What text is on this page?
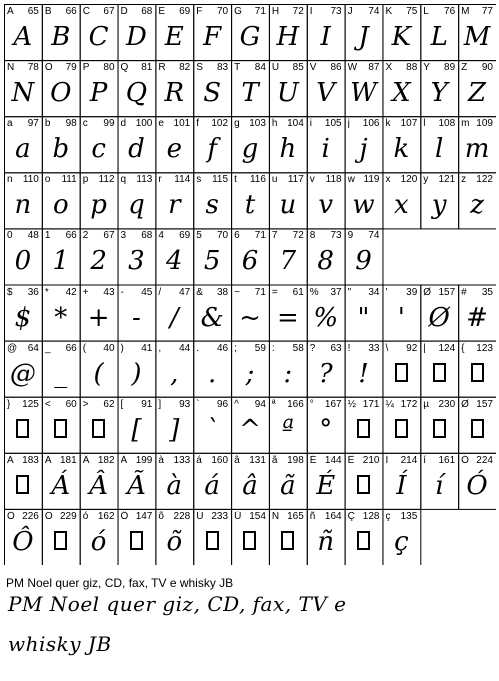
A 65
A
B 66
B
C 67
C
D 68
D
E 69
E
F 70
F
G 71
G
H 72
H
I 73
I
J 74
J
K 75
K
L 76
L
M 77
M
N 78
N
O 79
O
P 80
P
Q 81
Q
R 82
R
S 83
S
T 84
T
U 85
U
V 86
V
W 87
W
X 88
X
Y 89
Y
Z 90
Z
a 97
a
b 98
b
c 99
c
d 100
d
e 101
e
f 102
f
g 103
g
h 104
h
i 105
i
j 106
j
k 107
k
l 108
l
m 109
m
n 110
n
o 111
o
p 112
p
q 113
q
r 114
r
s 115
s
t 116
t
u 117
u
v 118
v
w 119
w
x 120
x
y 121
y
z 122
z
0 48
0
1 66
1
2 67
2
3 68
3
4 69
4
5 70
5
6 71
6
7 72
7
8 73
8
9 74
9
$ 36
$
* 42
*
+ 43
+
- 45
-
/ 47
/
& 38
&
~ 71
~
= 61
=
% 37
%
" 34
"
' 39
'
Ø 157
Ø
# 35
#
@ 64
@
_ 66
_
( 40
(
) 41
)
, 44
,
. 46
.
; 59
;
: 58
:
? 63
?
! 33
!
\ 92 | 124 { 123
} 125 < 60 > 62 [ 91
[
] 93
]
` 96
`
^ 94
^
ª 166
ª
° 167
°
½ 171 ¼ 172 µ 230 Ø 157
À 183 Á 181
Á
Â 182
Â
Ã 199
Ã
à 133
à
á 160
á
â 131
â
ã 198
ã
É 144
É
Ê 210 Í 214
Í
í 161
í
Ó 224
Ó
Ô 226
Ô
Õ 229 ó 162
ó
Ö 147 õ 228
õ
Ú 233 Ü 154 Ñ 165 ñ 164
ñ
Ç 128 ç 135
ç
PM Noel quer giz, CD, fax, TV e whisky JB
PM Noel quer giz, CD, fax, TV e
whisky JB
